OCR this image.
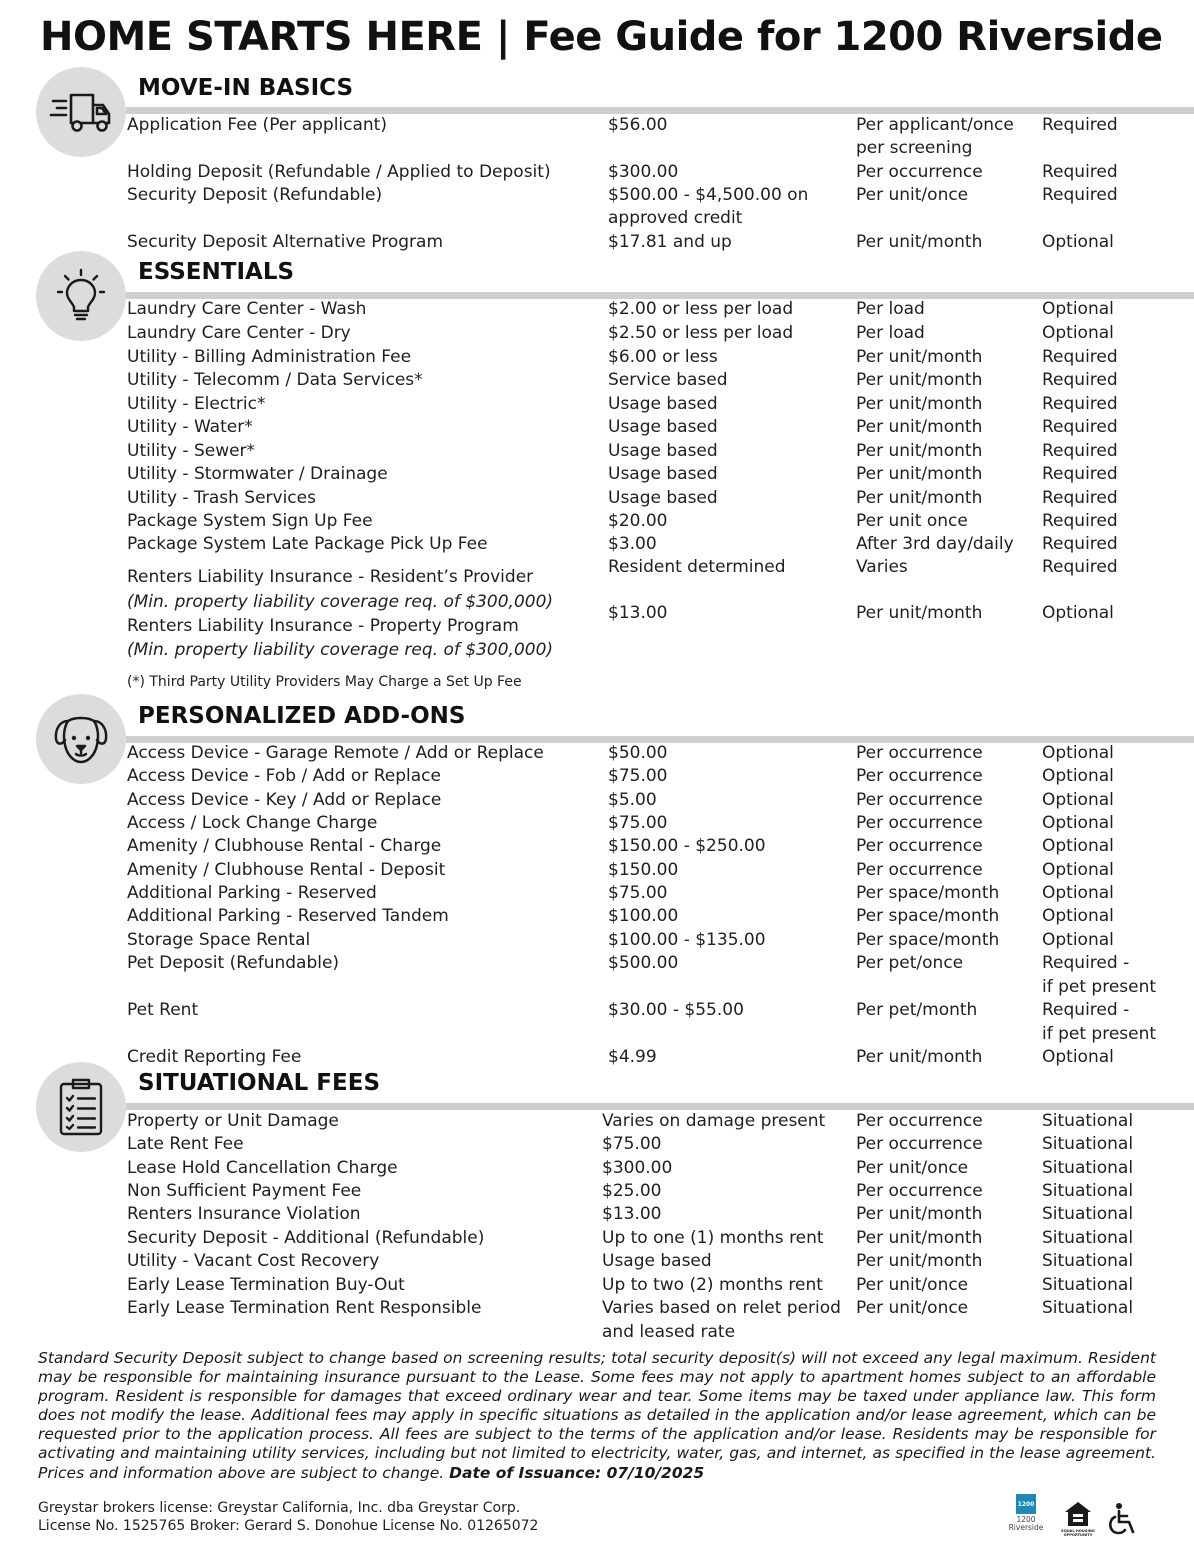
HOME STARTS HERE | Fee Guide for 1200 Riverside
MOVE-IN BASICS
Application Fee (Per applicant)	$56.00	Per applicant/once Required
per screening
Holding Deposit (Refundable / Applied to Deposit)	$300.00	Per occurrence	Required
Security Deposit (Refundable)	$500.00 - $4,500.00 on	Per unit/once	Required
approved credit
Security Deposit Alternative Program	$17.81 and up	Per unit/month	Optional
ESSENTIALS
Laundry Care Center - Wash	$2.00 or less per load	Per load	Optional
Laundry Care Center - Dry	$2.50 or less per load	Per load	Optional
Utility - Billing Administration Fee	$6.00 or less	Per unit/month	Required
Utility - Telecomm / Data Services*	Service based	Per unit/month	Required
Utility - Electric*	Usage based	Per unit/month	Required
Utility - Water*	Usage based	Per unit/month	Required
Utility - Sewer*	Usage based	Per unit/month	Required
Utility - Stormwater / Drainage	Usage based	Per unit/month	Required
Utility - Trash Services	Usage based	Per unit/month	Required
Package System Sign Up Fee	$20.00	Per unit once	Required
Package System Late Package Pick Up Fee	$3.00	After 3rd day/daily Required
Renters Liability Insurance - Resident’s Provider	Resident determined	Varies	Required
(Min. property liability coverage req. of $300,000)
Renters Liability Insurance - Property Program
$13.00	Per unit/month	Optional
(Min. property liability coverage req. of $300,000)
(*) Third Party Utility Providers May Charge a Set Up Fee
PERSONALIZED ADD-ONS
Access Device - Garage Remote / Add or Replace	$50.00	Per occurrence	Optional
Access Device - Fob / Add or Replace	$75.00	Per occurrence	Optional
Access Device - Key / Add or Replace	$5.00	Per occurrence	Optional
Access / Lock Change Charge	$75.00	Per occurrence	Optional
Amenity / Clubhouse Rental - Charge	$150.00 - $250.00	Per occurrence	Optional
Amenity / Clubhouse Rental - Deposit	$150.00	Per occurrence	Optional
Additional Parking - Reserved	$75.00	Per space/month	Optional
Additional Parking - Reserved Tandem	$100.00	Per space/month	Optional
Storage Space Rental	$100.00 - $135.00	Per space/month	Optional
Pet Deposit (Refundable)	$500.00	Per pet/once	Required -
if pet present
Pet Rent	$30.00 - $55.00	Per pet/month	Required -
if pet present
Credit Reporting Fee	$4.99	Per unit/month	Optional
SITUATIONAL FEES
Property or Unit Damage	Varies on damage present Per occurrence	Situational
Late Rent Fee	$75.00	Per occurrence	Situational
Lease Hold Cancellation Charge	$300.00	Per unit/once	Situational
Non Sufficient Payment Fee	$25.00	Per occurrence	Situational
Renters Insurance Violation	$13.00	Per unit/month	Situational
Security Deposit - Additional (Refundable)	Up to one (1) months rent Per unit/month	Situational
Utility - Vacant Cost Recovery	Usage based	Per unit/month	Situational
Early Lease Termination Buy-Out	Up to two (2) months rent Per unit/once	Situational
Early Lease Termination Rent Responsible	Varies based on relet period Per unit/once	Situational
and leased rate

Standard Security Deposit subject to change based on screening results; total security deposit(s) will not exceed any legal maximum. Resident may be responsible for maintaining insurance pursuant to the Lease. Some fees may not apply to apartment homes subject to an affordable program. Resident is responsible for damages that exceed ordinary wear and tear. Some items may be taxed under appliance law. This form does not modify the lease. Additional fees may apply in specific situations as detailed in the application and/or lease agreement, which can be requested prior to the application process. All fees are subject to the terms of the application and/or lease. Residents may be responsible for activating and maintaining utility services, including but not limited to electricity, water, gas, and internet, as specified in the lease agreement. Prices and information above are subject to change. Date of Issuance: 07/10/2025

Greystar brokers license: Greystar California, Inc. dba Greystar Corp.
License No. 1525765 Broker: Gerard S. Donohue License No. 01265072
1200
1200
Riverside	EQUAL HOUSING OPPORTUNITY
